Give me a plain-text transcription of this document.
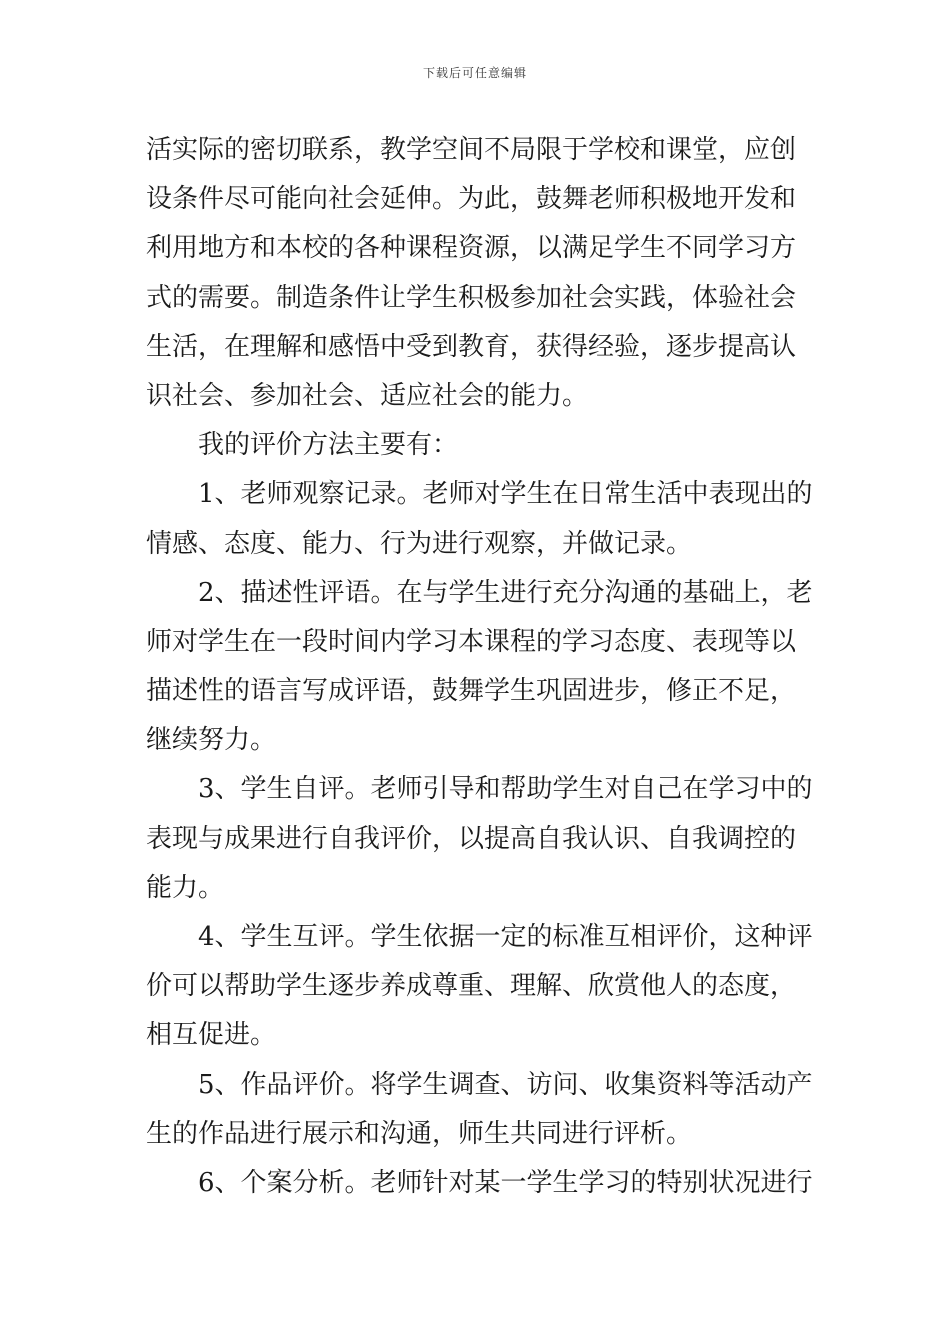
下载后可任意编辑
活实际的密切联系，教学空间不局限于学校和课堂，应创
设条件尽可能向社会延伸。为此，鼓舞老师积极地开发和
利用地方和本校的各种课程资源，以满足学生不同学习方
式的需要。制造条件让学生积极参加社会实践，体验社会
生活，在理解和感悟中受到教育，获得经验，逐步提高认
识社会、参加社会、适应社会的能力。
我的评价方法主要有：
1、老师观察记录。老师对学生在日常生活中表现出的
情感、态度、能力、行为进行观察，并做记录。
2、描述性评语。在与学生进行充分沟通的基础上，老
师对学生在一段时间内学习本课程的学习态度、表现等以
描述性的语言写成评语，鼓舞学生巩固进步，修正不足，
继续努力。
3、学生自评。老师引导和帮助学生对自己在学习中的
表现与成果进行自我评价，以提高自我认识、自我调控的
能力。
4、学生互评。学生依据一定的标准互相评价，这种评
价可以帮助学生逐步养成尊重、理解、欣赏他人的态度，
相互促进。
5、作品评价。将学生调查、访问、收集资料等活动产
生的作品进行展示和沟通，师生共同进行评析。
6、个案分析。老师针对某一学生学习的特别状况进行
